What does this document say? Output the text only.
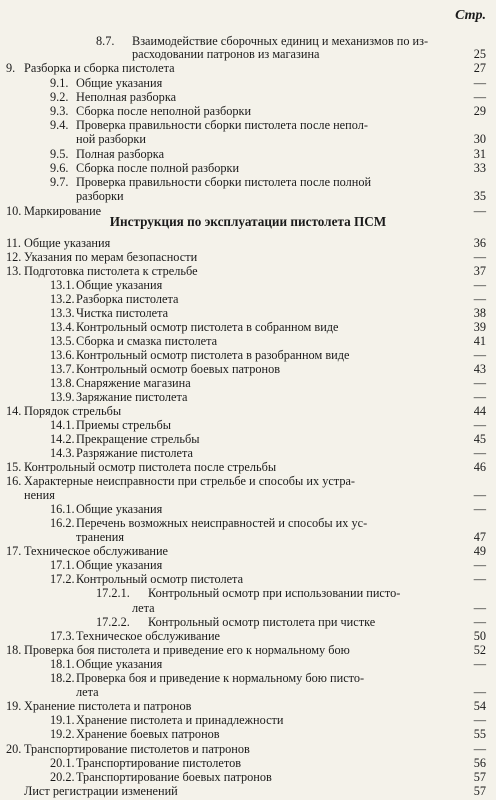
Стр.
Инструкция по эксплуатации пистолета ПСМ
8.7. Взаимодействие сборочных единиц и механизмов по из-
расходовании патронов из магазина	25
9. Разборка и сборка пистолета	27
9.1. Общие указания	—
9.2. Неполная разборка	—
9.3. Сборка после неполной разборки	29
9.4. Проверка правильности сборки пистолета после непол-
ной разборки	30
9.5. Полная разборка	31
9.6. Сборка после полной разборки	33
9.7. Проверка правильности сборки пистолета после полной
разборки	35
10. Маркирование	—
11. Общие указания	36
12. Указания по мерам безопасности	—
13. Подготовка пистолета к стрельбе	37
13.1. Общие указания	—
13.2. Разборка пистолета	—
13.3. Чистка пистолета	38
13.4. Контрольный осмотр пистолета в собранном виде	39
13.5. Сборка и смазка пистолета	41
13.6. Контрольный осмотр пистолета в разобранном виде	—
13.7. Контрольный осмотр боевых патронов	43
13.8. Снаряжение магазина	—
13.9. Заряжание пистолета	—
14. Порядок стрельбы	44
14.1. Приемы стрельбы	—
14.2. Прекращение стрельбы	45
14.3. Разряжание пистолета	—
15. Контрольный осмотр пистолета после стрельбы	46
16. Характерные неисправности при стрельбе и способы их устра-
нения	—
16.1. Общие указания	—
16.2. Перечень возможных неисправностей и способы их ус-
транения	47
17. Техническое обслуживание	49
17.1. Общие указания	—
17.2. Контрольный осмотр пистолета	—
17.2.1. Контрольный осмотр при использовании писто-
лета	—
17.2.2. Контрольный осмотр пистолета при чистке	—
17.3. Техническое обслуживание	50
18. Проверка боя пистолета и приведение его к нормальному бою	52
18.1. Общие указания	—
18.2. Проверка боя и приведение к нормальному бою писто-
лета	—
19. Хранение пистолета и патронов	54
19.1. Хранение пистолета и принадлежности	—
19.2. Хранение боевых патронов	55
20. Транспортирование пистолетов и патронов	—
20.1. Транспортирование пистолетов	56
20.2. Транспортирование боевых патронов	57
Лист регистрации изменений	57
